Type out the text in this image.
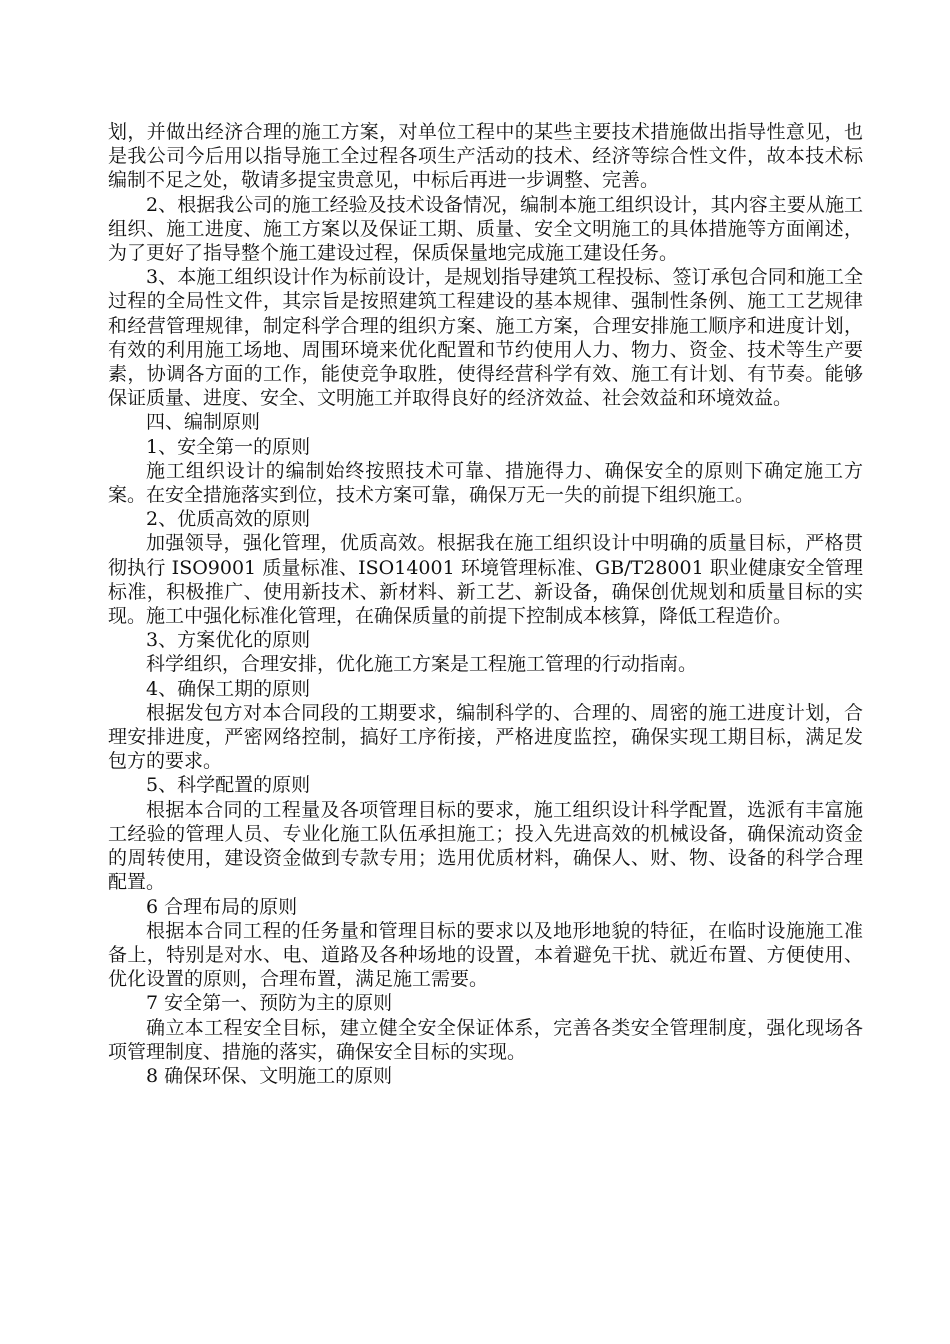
划，并做出经济合理的施工方案，对单位工程中的某些主要技术措施做出指导性意见，也是我公司今后用以指导施工全过程各项生产活动的技术、经济等综合性文件，故本技术标编制不足之处，敬请多提宝贵意见，中标后再进一步调整、完善。

2、根据我公司的施工经验及技术设备情况，编制本施工组织设计，其内容主要从施工组织、施工进度、施工方案以及保证工期、质量、安全文明施工的具体措施等方面阐述，为了更好了指导整个施工建设过程，保质保量地完成施工建设任务。

3、本施工组织设计作为标前设计，是规划指导建筑工程投标、签订承包合同和施工全过程的全局性文件，其宗旨是按照建筑工程建设的基本规律、强制性条例、施工工艺规律和经营管理规律，制定科学合理的组织方案、施工方案，合理安排施工顺序和进度计划，有效的利用施工场地、周围环境来优化配置和节约使用人力、物力、资金、技术等生产要素，协调各方面的工作，能使竞争取胜，使得经营科学有效、施工有计划、有节奏。能够保证质量、进度、安全、文明施工并取得良好的经济效益、社会效益和环境效益。

四、编制原则

1、安全第一的原则

施工组织设计的编制始终按照技术可靠、措施得力、确保安全的原则下确定施工方案。在安全措施落实到位，技术方案可靠，确保万无一失的前提下组织施工。

2、优质高效的原则

加强领导，强化管理，优质高效。根据我在施工组织设计中明确的质量目标，严格贯彻执行 ISO9001 质量标准、ISO14001 环境管理标准、GB/T28001 职业健康安全管理标准，积极推广、使用新技术、新材料、新工艺、新设备，确保创优规划和质量目标的实现。施工中强化标准化管理，在确保质量的前提下控制成本核算，降低工程造价。

3、方案优化的原则

科学组织，合理安排，优化施工方案是工程施工管理的行动指南。

4、确保工期的原则

根据发包方对本合同段的工期要求，编制科学的、合理的、周密的施工进度计划，合理安排进度，严密网络控制，搞好工序衔接，严格进度监控，确保实现工期目标，满足发包方的要求。

5、科学配置的原则

根据本合同的工程量及各项管理目标的要求，施工组织设计科学配置，选派有丰富施工经验的管理人员、专业化施工队伍承担施工；投入先进高效的机械设备，确保流动资金的周转使用，建设资金做到专款专用；选用优质材料，确保人、财、物、设备的科学合理配置。

6 合理布局的原则

根据本合同工程的任务量和管理目标的要求以及地形地貌的特征，在临时设施施工准备上，特别是对水、电、道路及各种场地的设置，本着避免干扰、就近布置、方便使用、优化设置的原则，合理布置，满足施工需要。

7 安全第一、预防为主的原则

确立本工程安全目标，建立健全安全保证体系，完善各类安全管理制度，强化现场各项管理制度、措施的落实，确保安全目标的实现。

8 确保环保、文明施工的原则
